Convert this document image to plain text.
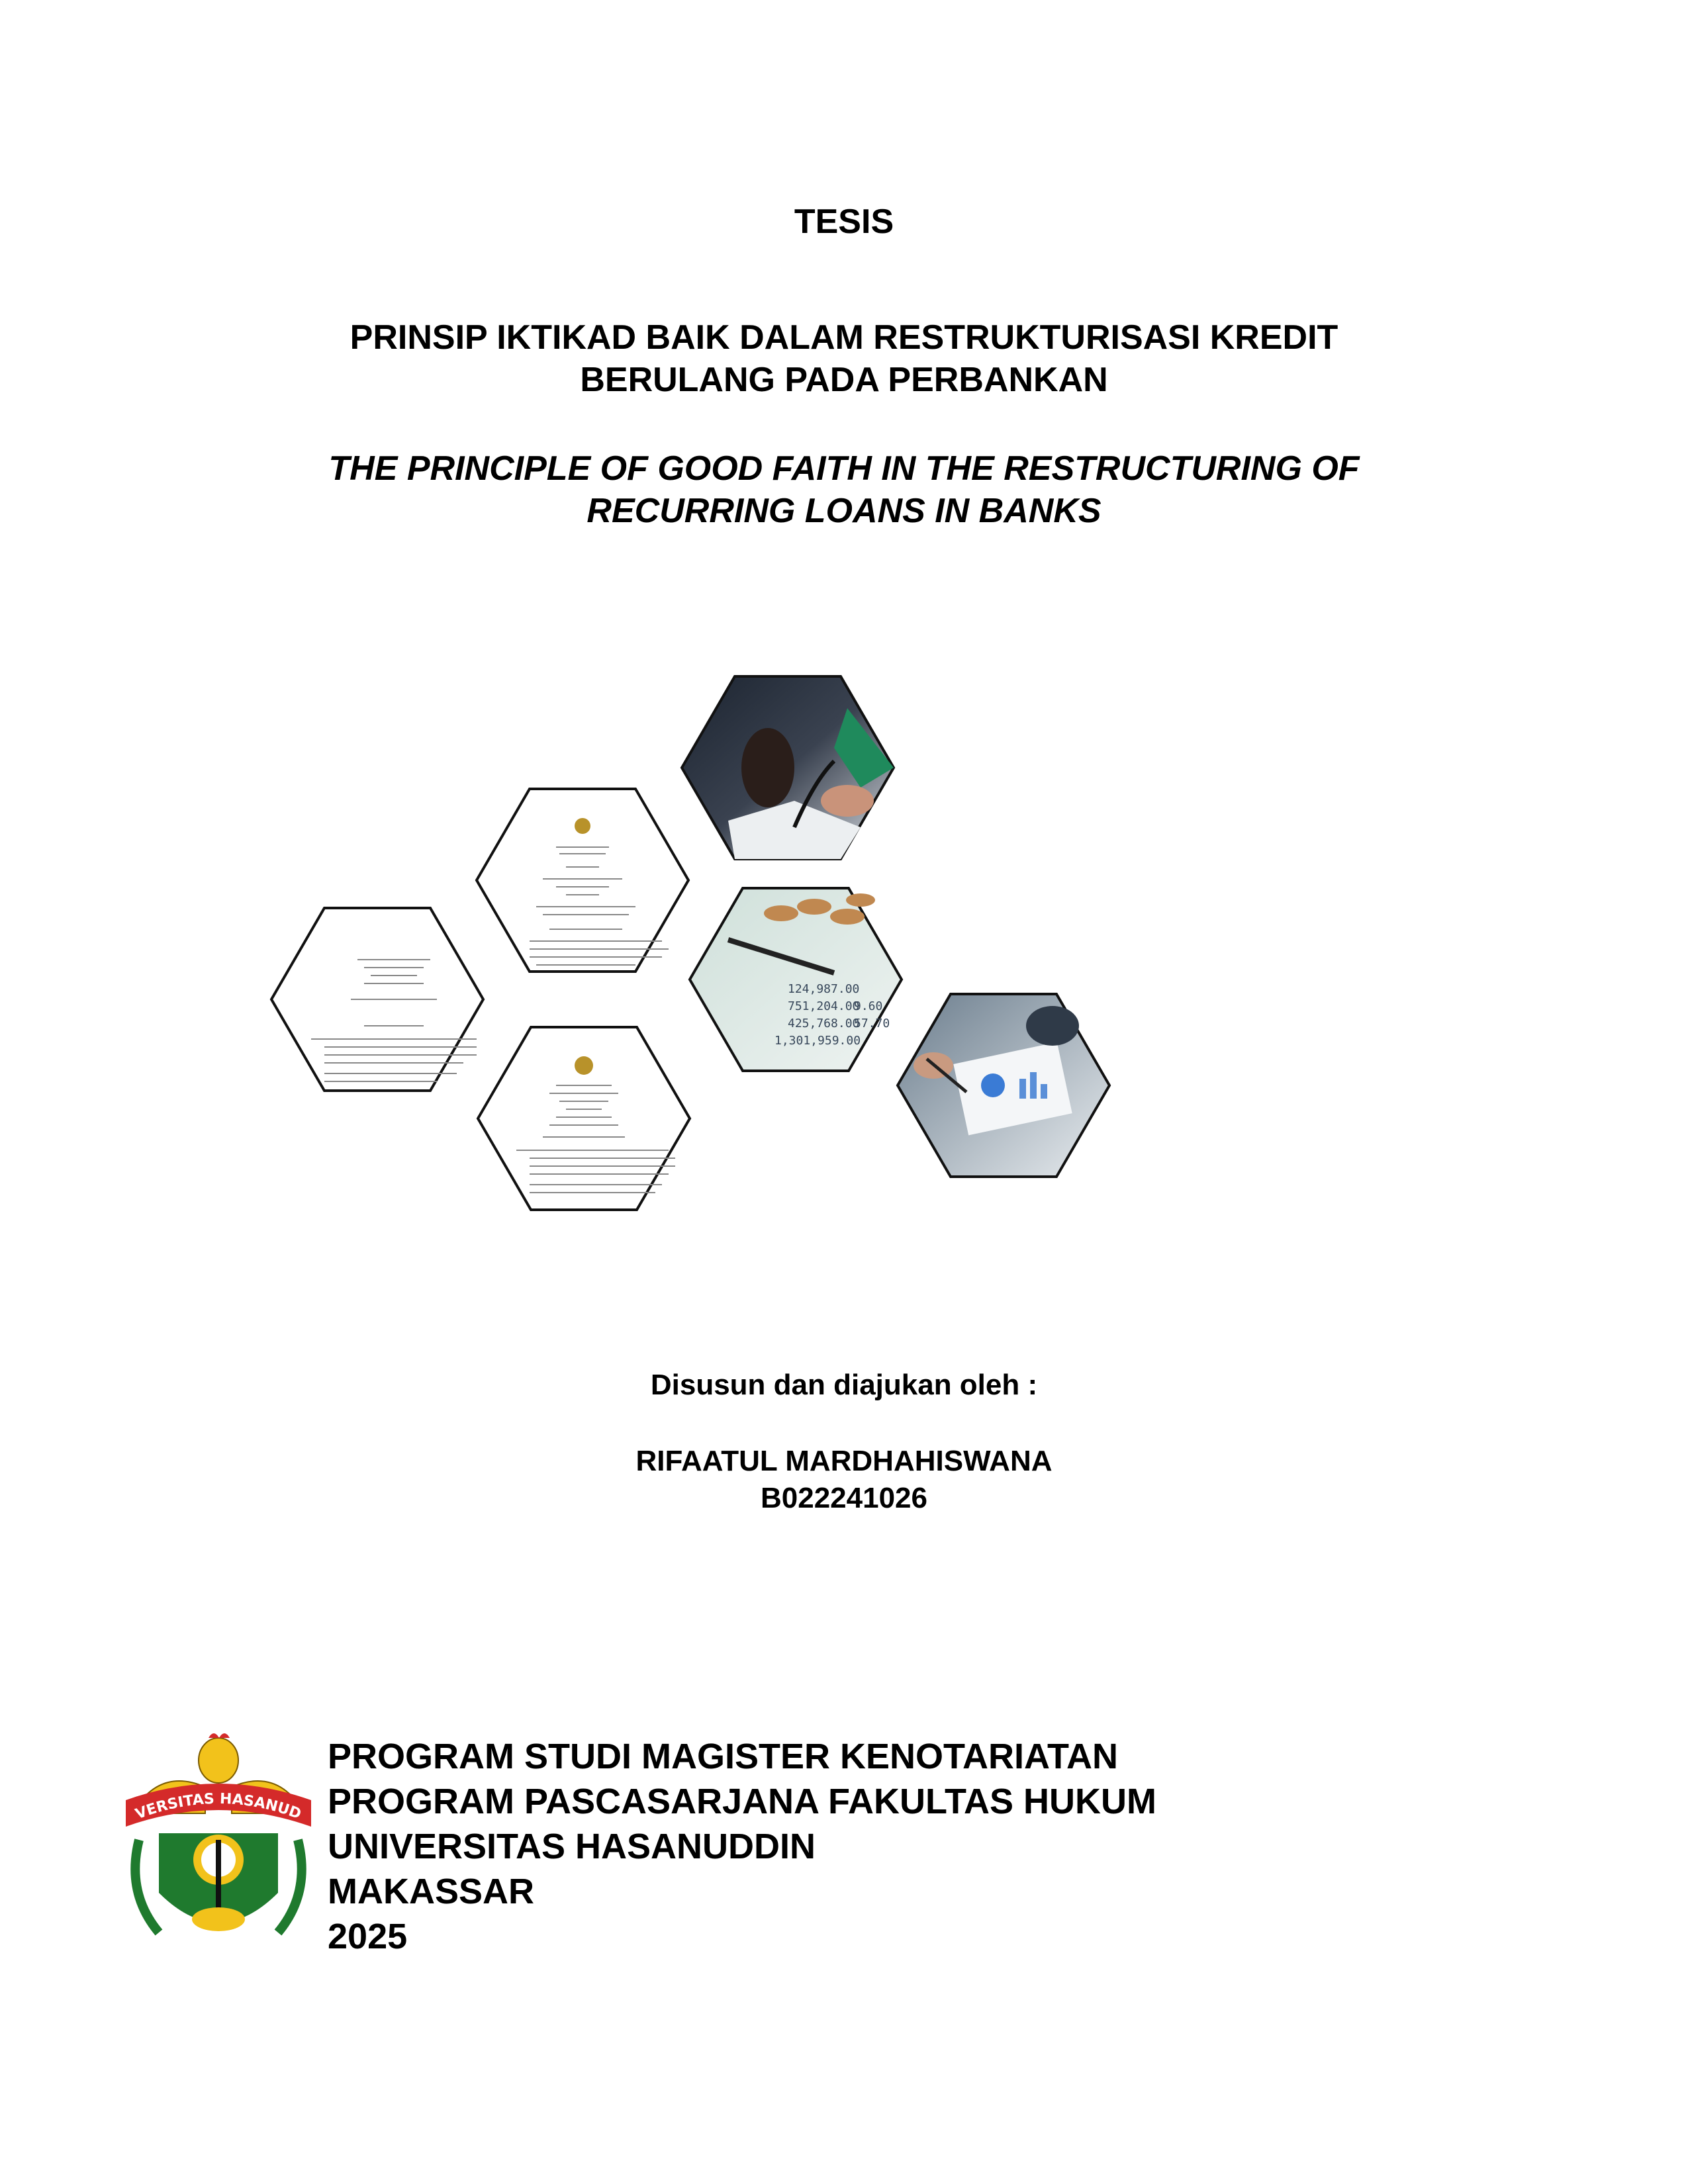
TESIS
PRINSIP IKTIKAD BAIK DALAM RESTRUKTURISASI KREDIT
BERULANG PADA PERBANKAN
THE PRINCIPLE OF GOOD FAITH IN THE RESTRUCTURING OF
RECURRING LOANS IN BANKS
124,987.00
751,204.00
425,768.00
1,301,959.00
9.60
57.70
Disusun dan diajukan oleh :
RIFAATUL MARDHAHISWANA
B022241026
VERSITAS HASANUD
PROGRAM STUDI MAGISTER KENOTARIATAN
PROGRAM PASCASARJANA FAKULTAS HUKUM
UNIVERSITAS HASANUDDIN
MAKASSAR
2025
